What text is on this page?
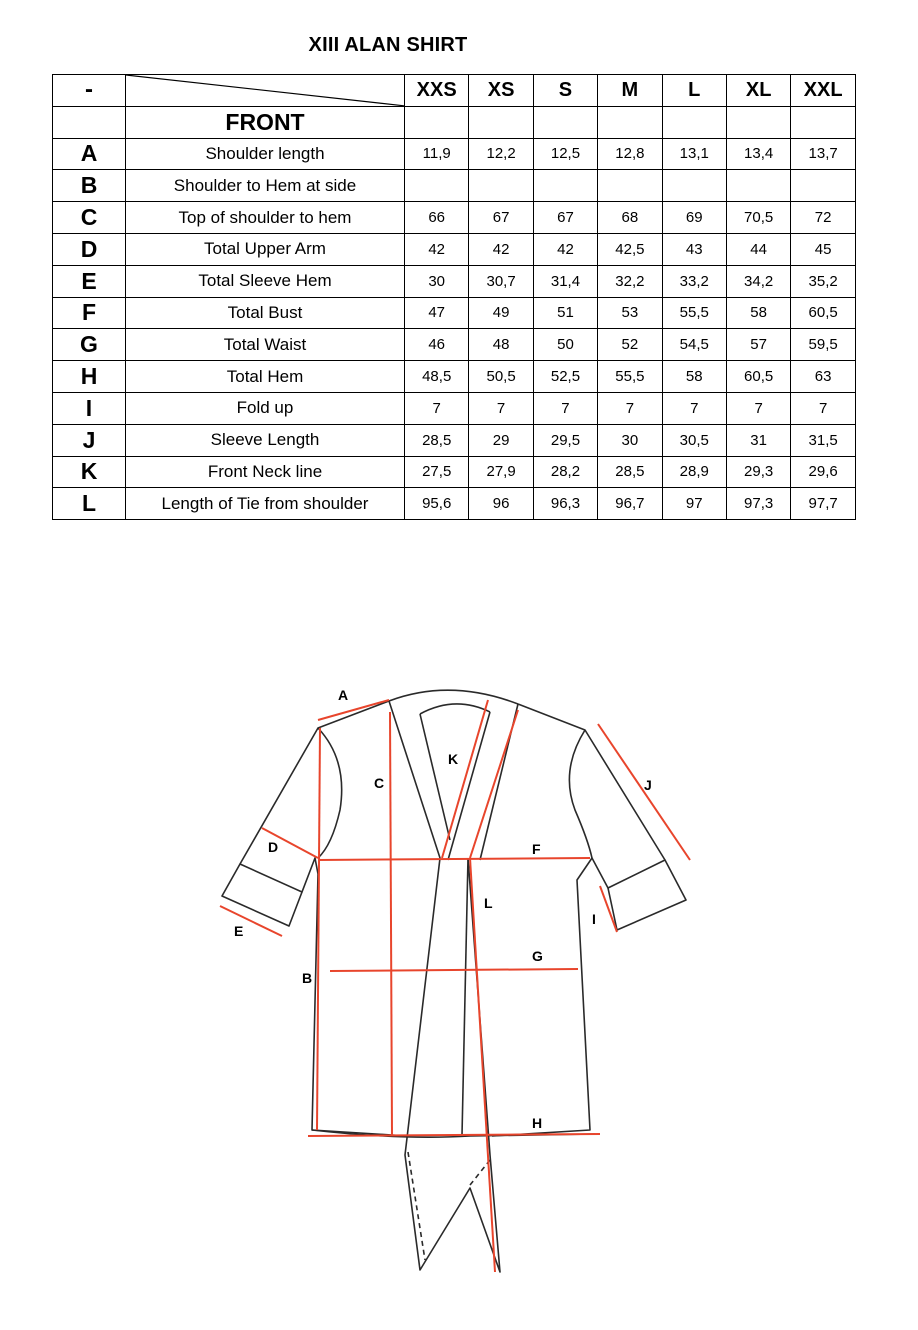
XIII ALAN SHIRT
-		XXS	XS	S	M	L	XL	XXL
	FRONT							
A	Shoulder length	11,9	12,2	12,5	12,8	13,1	13,4	13,7
B	Shoulder to Hem at side							
C	Top of shoulder to hem	66	67	67	68	69	70,5	72
D	Total Upper Arm	42	42	42	42,5	43	44	45
E	Total Sleeve Hem	30	30,7	31,4	32,2	33,2	34,2	35,2
F	Total Bust	47	49	51	53	55,5	58	60,5
G	Total Waist	46	48	50	52	54,5	57	59,5
H	Total Hem	48,5	50,5	52,5	55,5	58	60,5	63
I	Fold up	7	7	7	7	7	7	7
J	Sleeve Length	28,5	29	29,5	30	30,5	31	31,5
K	Front Neck line	27,5	27,9	28,2	28,5	28,9	29,3	29,6
L	Length of Tie from shoulder	95,6	96	96,3	96,7	97	97,3	97,7
A
B
C
D
E
F
G
H
I
J
K
L
